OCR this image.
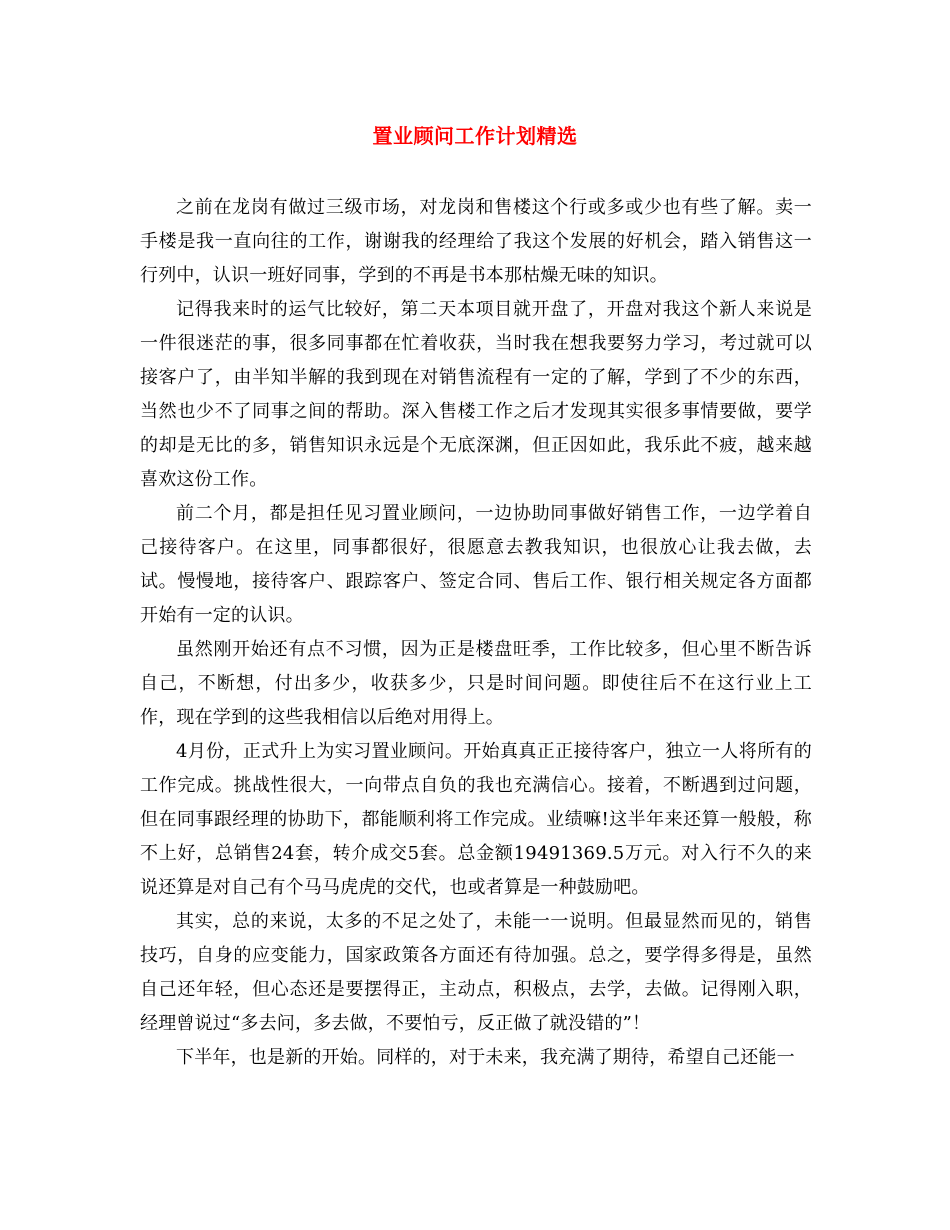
置业顾问工作计划精选

之前在龙岗有做过三级市场，对龙岗和售楼这个行或多或少也有些了解。卖一手楼是我一直向往的工作，谢谢我的经理给了我这个发展的好机会，踏入销售这一行列中，认识一班好同事，学到的不再是书本那枯燥无味的知识。

记得我来时的运气比较好，第二天本项目就开盘了，开盘对我这个新人来说是一件很迷茫的事，很多同事都在忙着收获，当时我在想我要努力学习，考过就可以接客户了，由半知半解的我到现在对销售流程有一定的了解，学到了不少的东西，当然也少不了同事之间的帮助。深入售楼工作之后才发现其实很多事情要做，要学的却是无比的多，销售知识永远是个无底深渊，但正因如此，我乐此不疲，越来越喜欢这份工作。

前二个月，都是担任见习置业顾问，一边协助同事做好销售工作，一边学着自己接待客户。在这里，同事都很好，很愿意去教我知识，也很放心让我去做，去试。慢慢地，接待客户、跟踪客户、签定合同、售后工作、银行相关规定各方面都开始有一定的认识。

虽然刚开始还有点不习惯，因为正是楼盘旺季，工作比较多，但心里不断告诉自己，不断想，付出多少，收获多少，只是时间问题。即使往后不在这行业上工作，现在学到的这些我相信以后绝对用得上。

4月份，正式升上为实习置业顾问。开始真真正正接待客户，独立一人将所有的工作完成。挑战性很大，一向带点自负的我也充满信心。接着，不断遇到过问题，但在同事跟经理的协助下，都能顺利将工作完成。业绩嘛!这半年来还算一般般，称不上好，总销售24套，转介成交5套。总金额19491369.5万元。对入行不久的来说还算是对自己有个马马虎虎的交代，也或者算是一种鼓励吧。

其实，总的来说，太多的不足之处了，未能一一说明。但最显然而见的，销售技巧，自身的应变能力，国家政策各方面还有待加强。总之，要学得多得是，虽然自己还年轻，但心态还是要摆得正，主动点，积极点，去学，去做。记得刚入职，经理曾说过“多去问，多去做，不要怕亏，反正做了就没错的”！

下半年，也是新的开始。同样的，对于未来，我充满了期待，希望自己还能一
